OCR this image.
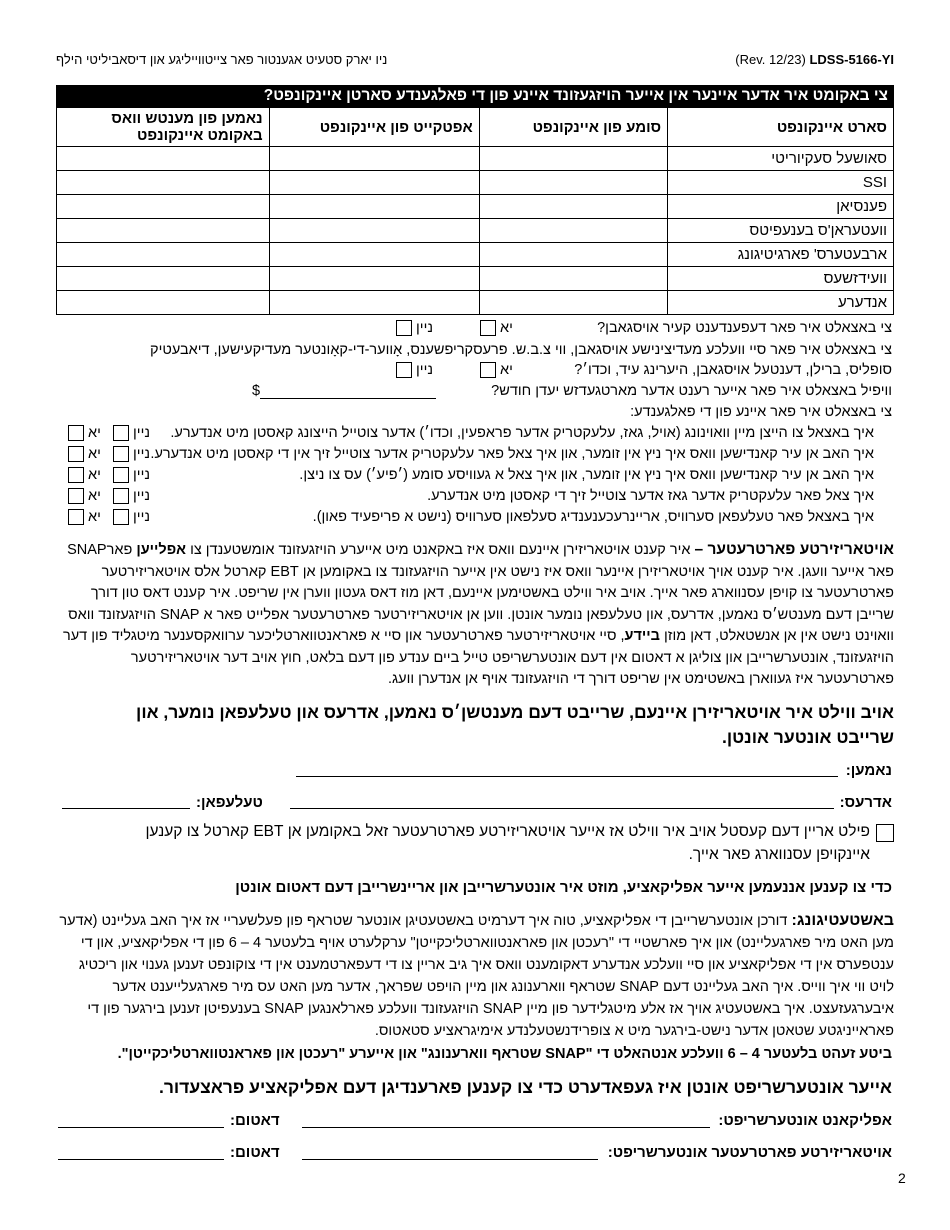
ניו יארק סטעיט אגענטור פאר צייטווייליגע און דיסאביליטי הילף	(Rev. 12/23) LDSS-5166-YI
צי באקומט איר אדער איינער אין אייער הויזגעזונד איינע פון די פאלגענדע סארטן איינקונפט?
סארט איינקונפט	סומע פון איינקונפט	אפטקייט פון איינקונפט	נאמען פון מענטש וואס באקומט איינקונפט
סאושעל סעקיוריטי			
SSI			
פענסיאן			
וועטעראן'ס בענעפיטס			
ארבעטערס' פארגיטיגונג			
וועידזשעס			
אנדערע			
צי באצאלט איר פאר דעפענדענט קעיר אויסגאבן?
יא
ניין
צי באצאלט איר פאר סיי וועלכע מעדיצינישע אויסגאבן, ווי צ.ב.ש. פרעסקריפשענס, אָווער-די-קאָונטער מעדיקעישען, דיאבעטיק
סופליס, ברילן, דענטעל אויסגאבן, היערינג עיד, וכדו׳?
יא
ניין
וויפיל באצאלט איר פאר אייער רענט אדער מארטגעדזש יעדן חודש?
$
צי באצאלט איר פאר איינע פון די פאלגענדע:
איך באצאל צו הייצן מיין וואוינונג (אויל, גאז, עלעקטריק אדער פראפעין, וכדו׳) אדער צוטייל הייצונג קאסטן מיט אנדערע.
ניין    יא
איך האב אן עיר קאנדישען וואס איך ניץ אין זומער, און איך צאל פאר עלעקטריק אדער צוטייל זיך אין די קאסטן מיט אנדערע.
ניין    יא
איך האב אן עיר קאנדישען וואס איך ניץ אין זומער, און איך צאל א געוויסע סומע (׳פיע׳) עס צו ניצן.
ניין    יא
איך צאל פאר עלעקטריק אדער גאז אדער צוטייל זיך די קאסטן מיט אנדערע.
ניין    יא
איך באצאל פאר טעלעפאן סערוויס, אריינרעכענענדיג סעלפאון סערוויס (נישט א פריפעיד פאון).
ניין    יא
אויטאריזירטע פארטרעטער – איר קענט אויטאריזירן איינעם וואס איז באקאנט מיט אייערע הויזגעזונד אומשטענדן צו אפלייען פארSNAP פאר אייער וועגן. איר קענט אויך אויטאריזירן איינער וואס איז נישט אין אייער הויזגעזונד צו באקומען אן EBT קארטל אלס אויטאריזירטער פארטרעטער צו קויפן עסנווארג פאר אייך. אויב איר ווילט באשטימען איינעם, דאן מוז דאס געטון ווערן אין שריפט. איר קענט דאס טון דורך שרייבן דעם מענטש׳ס נאמען, אדרעס, און טעלעפאן נומער אונטן. ווען אן אויטאריזירטער פארטרעטער אפלייט פאר א SNAP הויזגעזונד וואס וואוינט נישט אין אן אנשטאלט, דאן מוזן ביידע, סיי אויטאריזירטער פארטרעטער און סיי א פאראנטווארטליכער ערוואקסענער מיטגליד פון דער הויזגעזונד, אונטערשרייבן און צוליגן א דאטום אין דעם אונטערשריפט טייל ביים ענדע פון דעם בלאט, חוץ אויב דער אויטאריזירטער פארטרעטער איז געווארן באשטימט אין שריפט דורך די הויזגעזונד אויף אן אנדערן וועג.
אויב ווילט איר אויטאריזירן איינעם, שרייבט דעם מענטשן׳ס נאמען, אדרעס און טעלעפאן נומער, און שרייבט אונטער אונטן.
נאמען:
אדרעס:
טעלעפאן:
פילט אריין דעם קעסטל אויב איר ווילט אז אייער אויטאריזירטע פארטרעטער זאל באקומען אן EBT קארטל צו קענען
איינקויפן עסנווארג פאר אייך.
כדי צו קענען אננעמען אייער אפליקאציע, מוזט איר אונטערשרייבן און אריינשרייבן דעם דאטום אונטן
באשטעטיגונג: דורכן אונטערשרייבן די אפליקאציע, טוה איך דערמיט באשטעטיגן אונטער שטראף פון פעלשעריי אז איך האב געליינט (אדער מען האט מיר פארגעליינט) און איך פארשטיי די "רעכטן און פאראנטווארטליכקייטן" ערקלערט אויף בלעטער 4 – 6 פון די אפליקאציע, און די ענטפערס אין די אפליקאציע און סיי וועלכע אנדערע דאקומענט וואס איך גיב אריין צו די דעפארטמענט אין די צוקונפט זענען גענוי און ריכטיג לויט ווי איך ווייס. איך האב געליינט דעם SNAP שטראף ווארענונג און מיין הויפט שפראך, אדער מען האט עס מיר פארגעלייענט אדער איבערגעזעצט. איך באשטעטיג אויך אז אלע מיטגלידער פון מיין SNAP הויזגעזונד וועלכע פארלאנגען SNAP בענעפיטן זענען בירגער פון די פאראייניגטע שטאטן אדער נישט-בירגער מיט א צופרידנשטעלנדע אימיגראציע סטאטוס.
ביטע זעהט בלעטער 4 – 6 וועלכע אנטהאלט די "SNAP שטראף ווארענונג" און אייערע "רעכטן און פאראנטווארטליכקייטן".
אייער אונטערשריפט אונטן איז געפאדערט כדי צו קענען פארענדיגן דעם אפליקאציע פראצעדור.
אפליקאנט אונטערשריפט:
דאטום:
אויטאריזירטע פארטרעטער אונטערשריפט:
דאטום:
2
